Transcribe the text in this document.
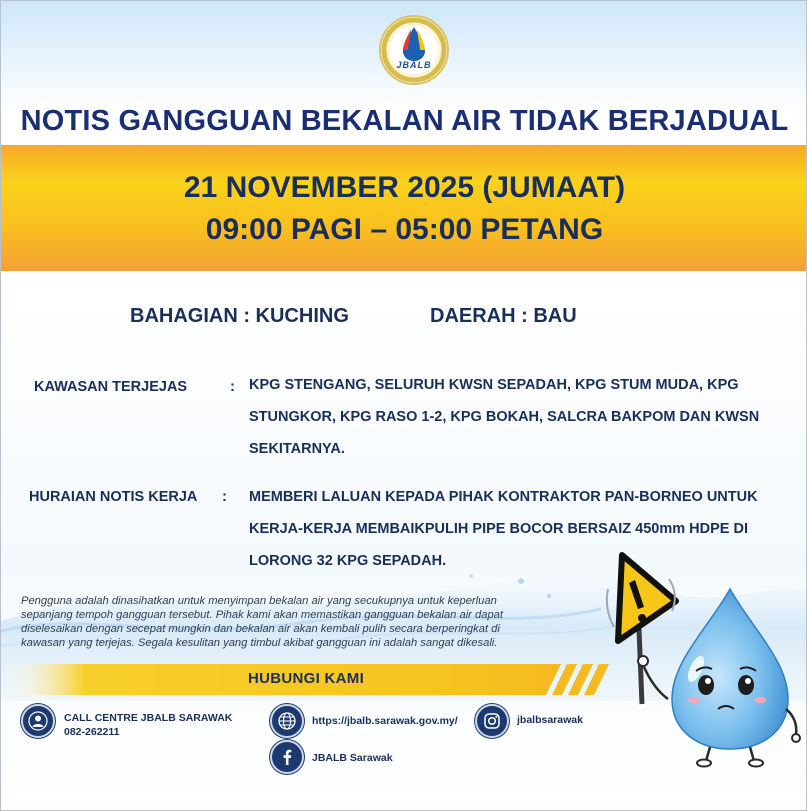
JBALB
NOTIS GANGGUAN BEKALAN AIR TIDAK BERJADUAL
21 NOVEMBER 2025 (JUMAAT)
09:00 PAGI – 05:00 PETANG
BAHAGIAN : KUCHING	DAERAH : BAU
KAWASAN TERJEJAS	: KPG STENGANG, SELURUH KWSN SEPADAH, KPG STUM MUDA, KPG
STUNGKOR, KPG RASO 1-2, KPG BOKAH, SALCRA BAKPOM DAN KWSN
SEKITARNYA.
HURAIAN NOTIS KERJA : MEMBERI LALUAN KEPADA PIHAK KONTRAKTOR PAN-BORNEO UNTUK
KERJA-KERJA MEMBAIKPULIH PIPE BOCOR BERSAIZ 450mm HDPE DI
LORONG 32 KPG SEPADAH.
Pengguna adalah dinasihatkan untuk menyimpan bekalan air yang secukupnya untuk keperluan
sepanjang tempoh gangguan tersebut. Pihak kami akan memastikan gangguan bekalan air dapat
diselesaikan dengan secepat mungkin dan bekalan air akan kembali pulih secara berperingkat di
kawasan yang terjejas. Segala kesulitan yang timbul akibat gangguan ini adalah sangat dikesali.
HUBUNGI KAMI
CALL CENTRE JBALB SARAWAK
082-262211
https://jbalb.sarawak.gov.my/	jbalbsarawak
JBALB Sarawak
